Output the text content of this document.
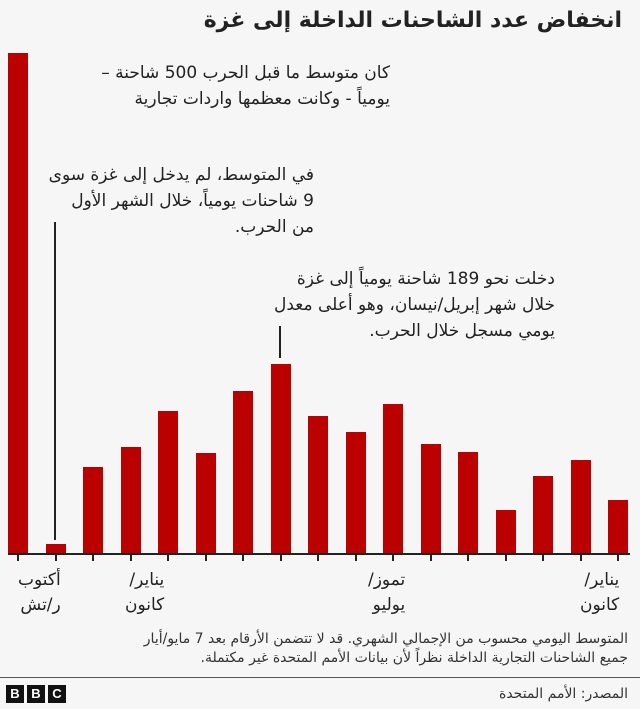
انخفاض عدد الشاحنات الداخلة إلى غزة
كان متوسط ما قبل الحرب 500 شاحنة –
يومياً - وكانت معظمها واردات تجارية
في المتوسط، لم يدخل إلى غزة سوى
9 شاحنات يومياً، خلال الشهر الأول
من الحرب.
دخلت نحو 189 شاحنة يومياً إلى غزة
خلال شهر إبريل/نيسان، وهو أعلى معدل
يومي مسجل خلال الحرب.
أكتوب
ر/تش
يناير/
كانون
تموز/
يوليو
يناير/
كانون
المتوسط اليومي محسوب من الإجمالي الشهري. قد لا تتضمن الأرقام بعد 7 مايو/أيار
جميع الشاحنات التجارية الداخلة نظراً لأن بيانات الأمم المتحدة غير مكتملة.
B B C	المصدر: الأمم المتحدة
